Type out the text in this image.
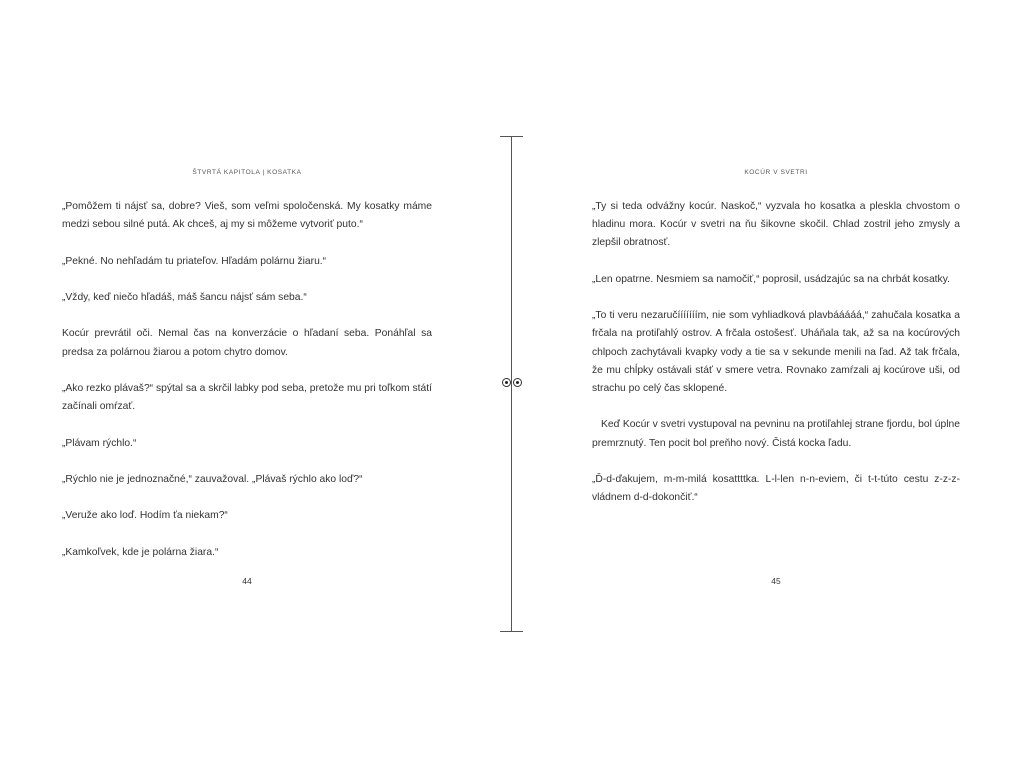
ŠTVRTÁ KAPITOLA | KOSATKA

„Pomôžem ti nájsť sa, dobre? Vieš, som veľmi spoločenská. My kosatky máme medzi sebou silné putá. Ak chceš, aj my si môžeme vytvoriť puto.“

„Pekné. No nehľadám tu priateľov. Hľadám polárnu žiaru.“

„Vždy, keď niečo hľadáš, máš šancu nájsť sám seba.“

Kocúr prevrátil oči. Nemal čas na konverzácie o hľadaní seba. Ponáhľal sa predsa za polárnou žiarou a potom chytro domov.

„Ako rezko plávaš?“ spýtal sa a skrčil labky pod seba, pretože mu pri toľkom státí začínali omŕzať.

„Plávam rýchlo.“

„Rýchlo nie je jednoznačné,“ zauvažoval. „Plávaš rýchlo ako loď?“

„Veruže ako loď. Hodím ťa niekam?“

„Kamkoľvek, kde je polárna žiara.“

44
KOCÚR V SVETRI

„Ty si teda odvážny kocúr. Naskoč,“ vyzvala ho kosatka a pleskla chvostom o hladinu mora. Kocúr v svetri na ňu šikovne skočil. Chlad zostril jeho zmysly a zlepšil obratnosť.

„Len opatrne. Nesmiem sa namočiť,“ poprosil, usádzajúc sa na chrbát kosatky.

„To ti veru nezaručííííííím, nie som vyhliadková plavbááááá,“ zahučala kosatka a frčala na protiľahlý ostrov. A frčala ostošesť. Uháňala tak, až sa na kocúrových chlpoch zachytávali kvapky vody a tie sa v sekunde menili na ľad. Až tak frčala, že mu chĺpky ostávali stáť v smere vetra. Rovnako zamŕzali aj kocúrove uši, od strachu po celý čas sklopené.

Keď Kocúr v svetri vystupoval na pevninu na protiľahlej strane fjordu, bol úplne premrznutý. Ten pocit bol preňho nový. Čistá kocka ľadu.

„Ď-d-ďakujem, m-m-milá kosattttka. L-l-len n-n-eviem, či t-t-túto cestu z-z-z-vládnem d-d-dokončiť.“

45
